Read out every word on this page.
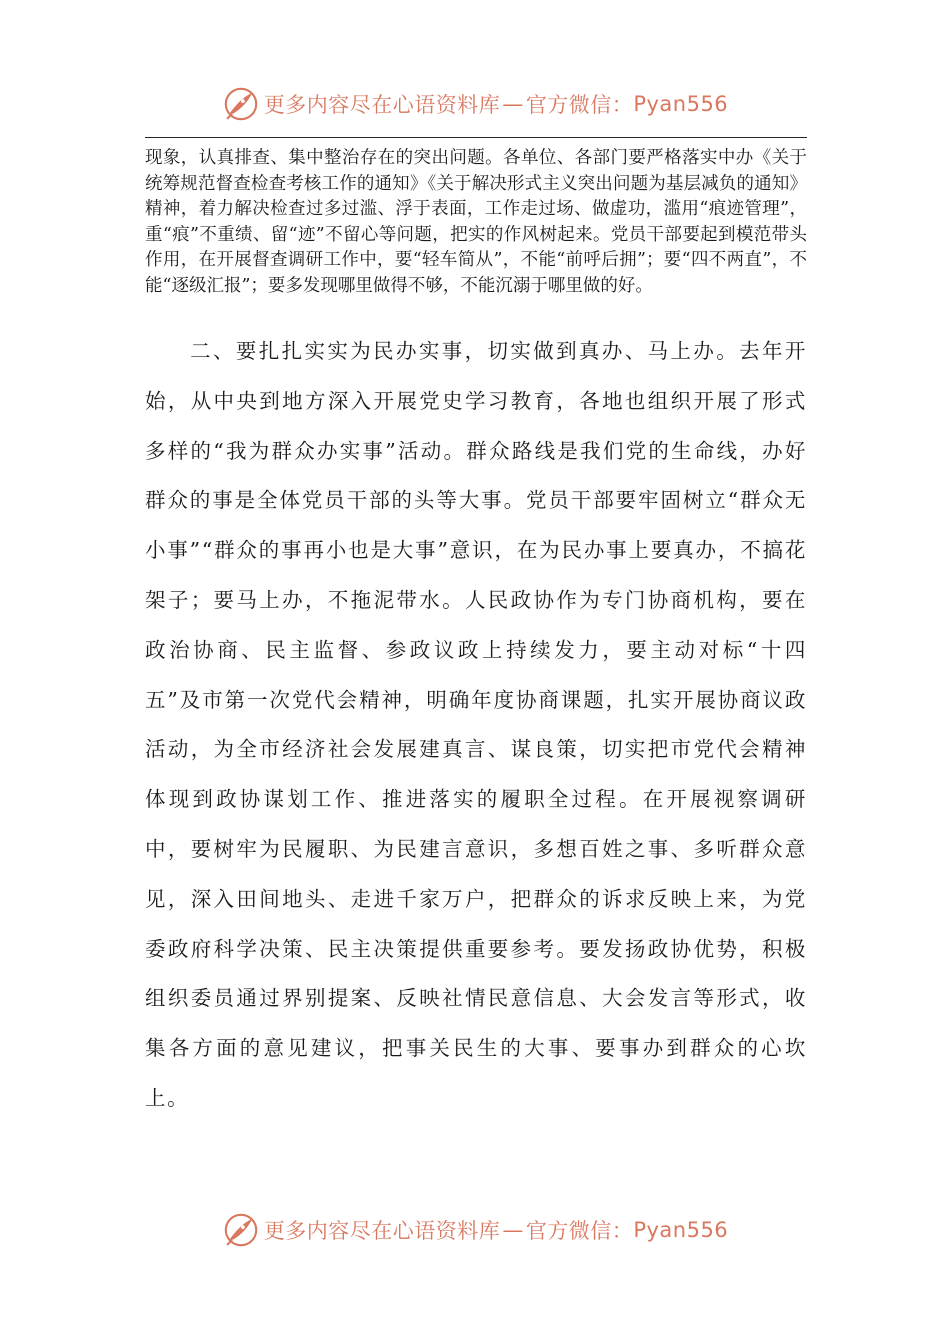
更多内容尽在心语资料库 — 官方微信： Pyan556

现象，认真排查、集中整治存在的突出问题。各单位、各部门要严格落实中办《关于统筹规范督查检查考核工作的通知》《关于解决形式主义突出问题为基层减负的通知》精神，着力解决检查过多过滥、浮于表面，工作走过场、做虚功，滥用“痕迹管理”，重“痕”不重绩、留“迹”不留心等问题，把实的作风树起来。党员干部要起到模范带头作用，在开展督查调研工作中，要“轻车简从”，不能“前呼后拥”；要“四不两直”，不能“逐级汇报”；要多发现哪里做得不够，不能沉溺于哪里做的好。

二、要扎扎实实为民办实事，切实做到真办、马上办。去年开始，从中央到地方深入开展党史学习教育，各地也组织开展了形式多样的“我为群众办实事”活动。群众路线是我们党的生命线，办好群众的事是全体党员干部的头等大事。党员干部要牢固树立“群众无小事”“群众的事再小也是大事”意识，在为民办事上要真办，不搞花架子；要马上办，不拖泥带水。人民政协作为专门协商机构，要在政治协商、民主监督、参政议政上持续发力，要主动对标“十四五”及市第一次党代会精神，明确年度协商课题，扎实开展协商议政活动，为全市经济社会发展建真言、谋良策，切实把市党代会精神体现到政协谋划工作、推进落实的履职全过程。在开展视察调研中，要树牢为民履职、为民建言意识，多想百姓之事、多听群众意见，深入田间地头、走进千家万户，把群众的诉求反映上来，为党委政府科学决策、民主决策提供重要参考。要发扬政协优势，积极组织委员通过界别提案、反映社情民意信息、大会发言等形式，收集各方面的意见建议，把事关民生的大事、要事办到群众的心坎上。

更多内容尽在心语资料库 — 官方微信： Pyan556
